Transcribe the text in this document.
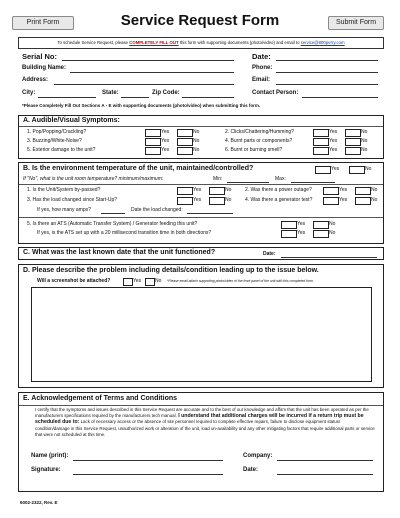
Print Form	Service Request Form	Submit Form
To schedule Service Request, please COMPLETELY FILL OUT this form with supporting documents (photo/video) and email to service@800perry.com
Serial No:	Date:
Building Name:	Phone:
Address:	Email:
City:	State:	Zip Code:	Contact Person:
*Please Completely Fill Out Sections A - E with supporting documents (photo/video) when submitting this form.
A. Audible/Visual Symptoms:
1. Pop/Popping/Crackling?	Yes	No	2. Clicks/Chattering/Humming?	Yes	No
3. Buzzing/White-Noise?	Yes	No	4. Burnt parts or components?	Yes	No
5. Exterior damage to the unit?	Yes	No	6. Burnt or burning smell?	Yes	No
B. Is the environment temperature of the unit, maintained/controlled?	Yes	No
If "No", what is the unit room temperature? minimum/maximum:	Min:	Max:
1. Is the Unit/System by-passed?	Yes	No	2. Was there a power outage?	Yes	No
3. Has the load changed since Start-Up?	Yes	No	4. Was there a generator test?	Yes	No
If yes, how many amps?	Date the load changed:
5. Is there an ATS (Automatic Transfer System) / Generator feeding this unit?	Yes	No
If yes, is the ATS set up with a 20 millisecond transition time in both directions?	Yes	No
C. What was the last known date that the unit functioned?	Date:
D. Please describe the problem including details/condition leading up to the issue below.
Will a screenshot be attached?	Yes	No *Please email attach supporting photo/video of the front panel of the unit with this completed form.
E. Acknowledgement of Terms and Conditions
I certify that the symptoms and issues described in this Service Request are accurate and to the best of our knowledge and affirm that the unit has been operated as per the manufacturers specifications required by the manufacturers tech manual. I understand that additional charges will be incurred if a return trip must be scheduled due to: Lack of necessary access or the absence of site personnel required to complete effective repairs, failure to disclose equipment status/ condition/damage in this Service Request, unauthorized work or alteration of the unit, load un-availability and any other mitigating factors that require additional parts or service that were not scheduled at this time.
Name (print):	Company:
Signature:	Date:
6002-2322, Rev. E
